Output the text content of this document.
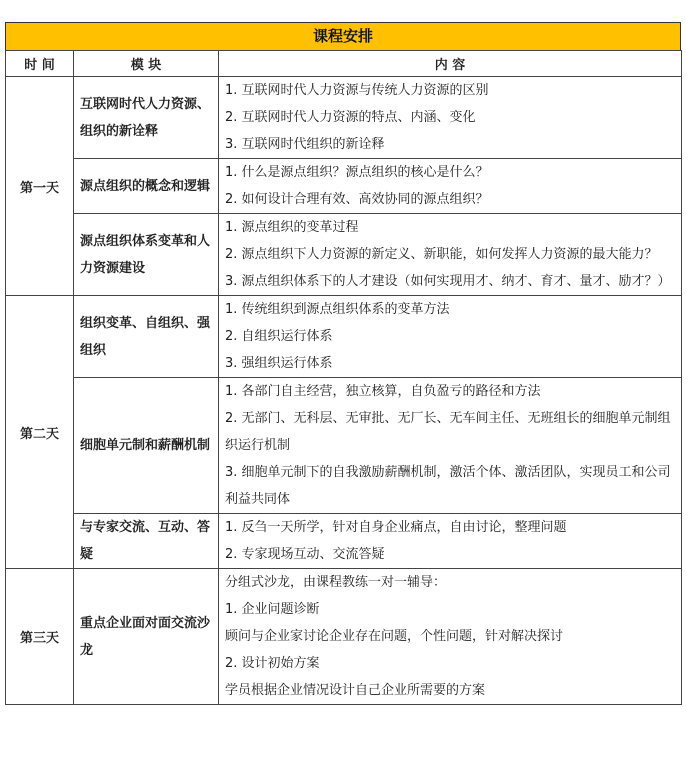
课程安排
时 间	模 块	内 容
第一天	互联网时代人力资源、组织的新诠释	1. 互联网时代人力资源与传统人力资源的区别
2. 互联网时代人力资源的特点、内涵、变化
3. 互联网时代组织的新诠释

	源点组织的概念和逻辑	1. 什么是源点组织？源点组织的核心是什么？
2. 如何设计合理有效、高效协同的源点组织？

	源点组织体系变革和人力资源建设	1. 源点组织的变革过程
2. 源点组织下人力资源的新定义、新职能，如何发挥人力资源的最大能力？
3. 源点组织体系下的人才建设（如何实现用才、纳才、育才、量才、励才？）

第二天	组织变革、自组织、强组织	1. 传统组织到源点组织体系的变革方法
2. 自组织运行体系
3. 强组织运行体系

	细胞单元制和薪酬机制	1. 各部门自主经营，独立核算，自负盈亏的路径和方法
2. 无部门、无科层、无审批、无厂长、无车间主任、无班组长的细胞单元制组织运行机制
3. 细胞单元制下的自我激励薪酬机制，激活个体、激活团队，实现员工和公司利益共同体

	与专家交流、互动、答疑	1. 反刍一天所学，针对自身企业痛点，自由讨论，整理问题
2. 专家现场互动、交流答疑

第三天	重点企业面对面交流沙龙	分组式沙龙，由课程教练一对一辅导：
1. 企业问题诊断
顾问与企业家讨论企业存在问题，个性问题，针对解决探讨
2. 设计初始方案
学员根据企业情况设计自己企业所需要的方案
